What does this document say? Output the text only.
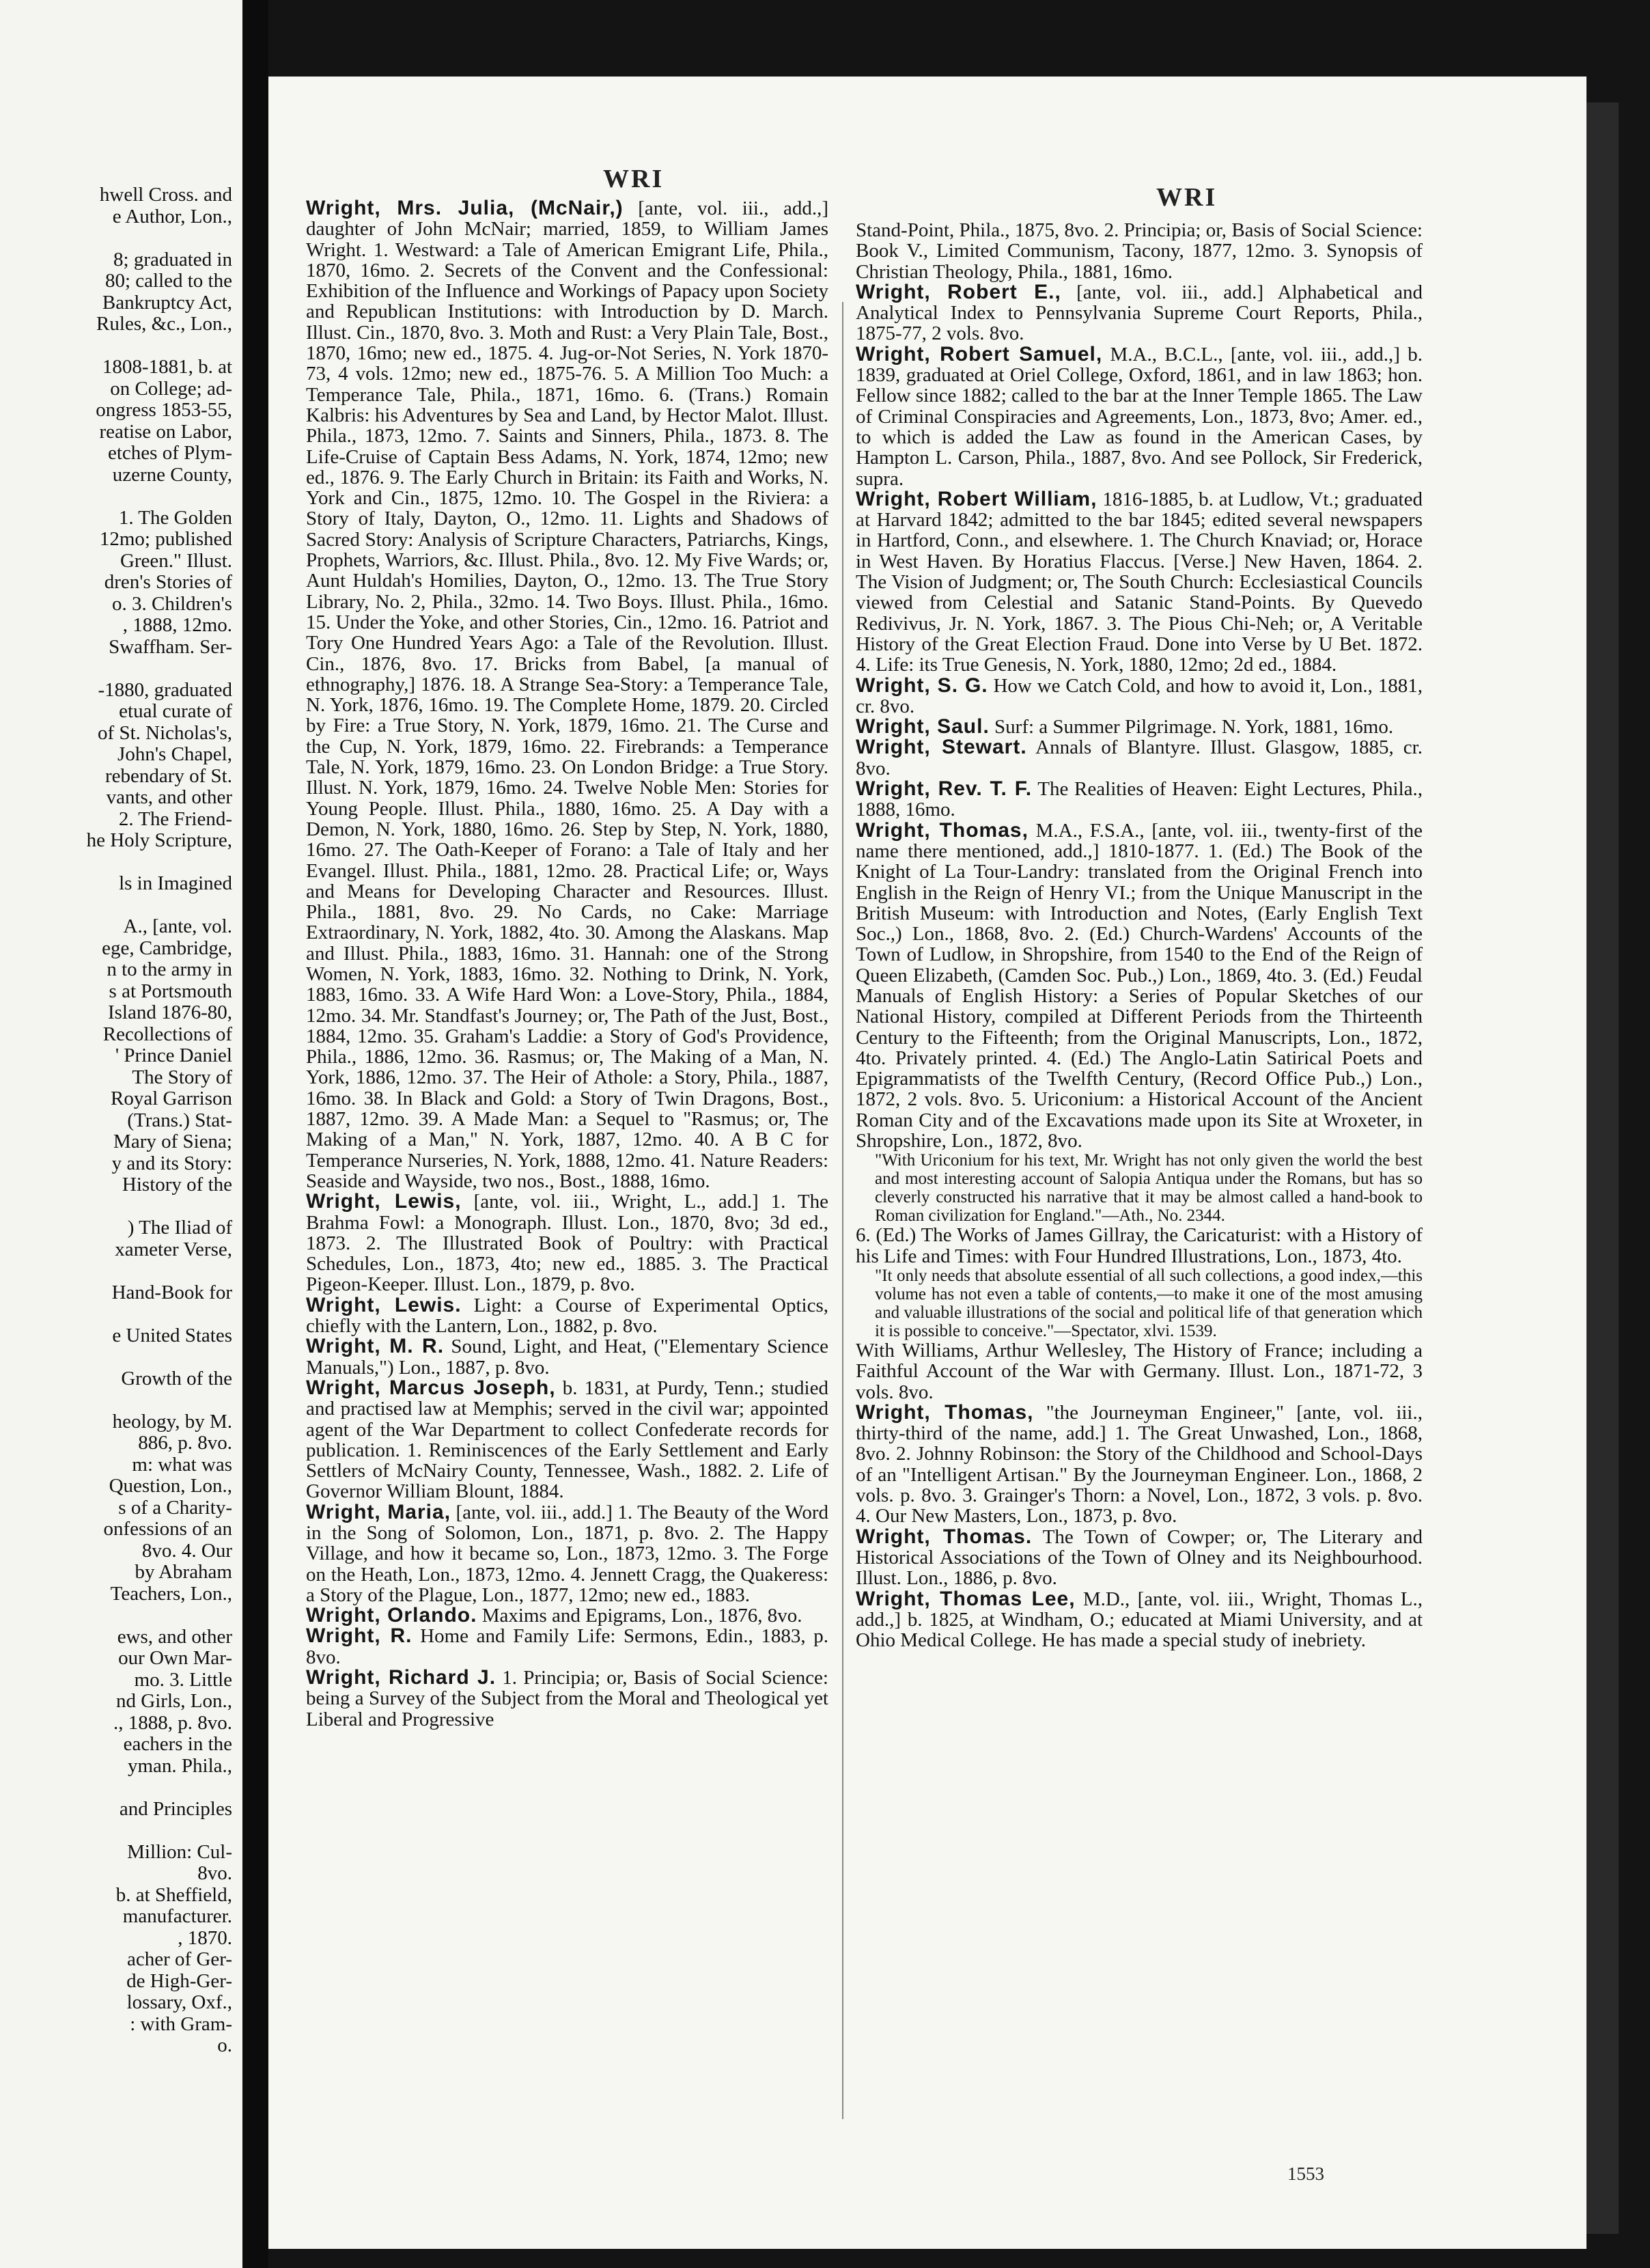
hwell Cross. and
e Author, Lon.,
8; graduated in
80; called to the
Bankruptcy Act,
Rules, &c., Lon.,
1808-1881, b. at
on College; ad-
ongress 1853-55,
reatise on Labor,
etches of Plym-
uzerne County,
1. The Golden
12mo; published
Green." Illust.
dren's Stories of
o. 3. Children's
, 1888, 12mo.
Swaffham. Ser-
-1880, graduated
etual curate of
of St. Nicholas's,
John's Chapel,
rebendary of St.
vants, and other
2. The Friend-
he Holy Scripture,
ls in Imagined
A., [ante, vol.
ege, Cambridge,
n to the army in
s at Portsmouth
Island 1876-80,
Recollections of
' Prince Daniel
The Story of
Royal Garrison
(Trans.) Stat-
Mary of Siena;
y and its Story:
History of the
) The Iliad of
xameter Verse,
Hand-Book for
e United States
Growth of the
heology, by M.
886, p. 8vo.
m: what was
Question, Lon.,
s of a Charity-
onfessions of an
8vo. 4. Our
by Abraham
Teachers, Lon.,
ews, and other
our Own Mar-
mo. 3. Little
nd Girls, Lon.,
., 1888, p. 8vo.
eachers in the
yman. Phila.,
and Principles
Million: Cul-
8vo.
b. at Sheffield,
manufacturer.
, 1870.
acher of Ger-
de High-Ger-
lossary, Oxf.,
: with Gram-
o.
WRI
WRI

Wright, Mrs. Julia, (McNair,) [ante, vol. iii., add.,] daughter of John McNair; married, 1859, to William James Wright. 1. Westward: a Tale of American Emigrant Life, Phila., 1870, 16mo. 2. Secrets of the Convent and the Confessional: Exhibition of the Influence and Workings of Papacy upon Society and Republican Institutions: with Introduction by D. March. Illust. Cin., 1870, 8vo. 3. Moth and Rust: a Very Plain Tale, Bost., 1870, 16mo; new ed., 1875. 4. Jug-or-Not Series, N. York 1870-73, 4 vols. 12mo; new ed., 1875-76. 5. A Million Too Much: a Temperance Tale, Phila., 1871, 16mo. 6. (Trans.) Romain Kalbris: his Adventures by Sea and Land, by Hector Malot. Illust. Phila., 1873, 12mo. 7. Saints and Sinners, Phila., 1873. 8. The Life-Cruise of Captain Bess Adams, N. York, 1874, 12mo; new ed., 1876. 9. The Early Church in Britain: its Faith and Works, N. York and Cin., 1875, 12mo. 10. The Gospel in the Riviera: a Story of Italy, Dayton, O., 12mo. 11. Lights and Shadows of Sacred Story: Analysis of Scripture Characters, Patriarchs, Kings, Prophets, Warriors, &c. Illust. Phila., 8vo. 12. My Five Wards; or, Aunt Huldah's Homilies, Dayton, O., 12mo. 13. The True Story Library, No. 2, Phila., 32mo. 14. Two Boys. Illust. Phila., 16mo. 15. Under the Yoke, and other Stories, Cin., 12mo. 16. Patriot and Tory One Hundred Years Ago: a Tale of the Revolution. Illust. Cin., 1876, 8vo. 17. Bricks from Babel, [a manual of ethnography,] 1876. 18. A Strange Sea-Story: a Temperance Tale, N. York, 1876, 16mo. 19. The Complete Home, 1879. 20. Circled by Fire: a True Story, N. York, 1879, 16mo. 21. The Curse and the Cup, N. York, 1879, 16mo. 22. Firebrands: a Temperance Tale, N. York, 1879, 16mo. 23. On London Bridge: a True Story. Illust. N. York, 1879, 16mo. 24. Twelve Noble Men: Stories for Young People. Illust. Phila., 1880, 16mo. 25. A Day with a Demon, N. York, 1880, 16mo. 26. Step by Step, N. York, 1880, 16mo. 27. The Oath-Keeper of Forano: a Tale of Italy and her Evangel. Illust. Phila., 1881, 12mo. 28. Practical Life; or, Ways and Means for Developing Character and Resources. Illust. Phila., 1881, 8vo. 29. No Cards, no Cake: Marriage Extraordinary, N. York, 1882, 4to. 30. Among the Alaskans. Map and Illust. Phila., 1883, 16mo. 31. Hannah: one of the Strong Women, N. York, 1883, 16mo. 32. Nothing to Drink, N. York, 1883, 16mo. 33. A Wife Hard Won: a Love-Story, Phila., 1884, 12mo. 34. Mr. Standfast's Journey; or, The Path of the Just, Bost., 1884, 12mo. 35. Graham's Laddie: a Story of God's Providence, Phila., 1886, 12mo. 36. Rasmus; or, The Making of a Man, N. York, 1886, 12mo. 37. The Heir of Athole: a Story, Phila., 1887, 16mo. 38. In Black and Gold: a Story of Twin Dragons, Bost., 1887, 12mo. 39. A Made Man: a Sequel to "Rasmus; or, The Making of a Man," N. York, 1887, 12mo. 40. A B C for Temperance Nurseries, N. York, 1888, 12mo. 41. Nature Readers: Seaside and Wayside, two nos., Bost., 1888, 16mo.

Wright, Lewis, [ante, vol. iii., Wright, L., add.] 1. The Brahma Fowl: a Monograph. Illust. Lon., 1870, 8vo; 3d ed., 1873. 2. The Illustrated Book of Poultry: with Practical Schedules, Lon., 1873, 4to; new ed., 1885. 3. The Practical Pigeon-Keeper. Illust. Lon., 1879, p. 8vo.

Wright, Lewis. Light: a Course of Experimental Optics, chiefly with the Lantern, Lon., 1882, p. 8vo.

Wright, M. R. Sound, Light, and Heat, ("Elementary Science Manuals,") Lon., 1887, p. 8vo.

Wright, Marcus Joseph, b. 1831, at Purdy, Tenn.; studied and practised law at Memphis; served in the civil war; appointed agent of the War Department to collect Confederate records for publication. 1. Reminiscences of the Early Settlement and Early Settlers of McNairy County, Tennessee, Wash., 1882. 2. Life of Governor William Blount, 1884.

Wright, Maria, [ante, vol. iii., add.] 1. The Beauty of the Word in the Song of Solomon, Lon., 1871, p. 8vo. 2. The Happy Village, and how it became so, Lon., 1873, 12mo. 3. The Forge on the Heath, Lon., 1873, 12mo. 4. Jennett Cragg, the Quakeress: a Story of the Plague, Lon., 1877, 12mo; new ed., 1883.

Wright, Orlando. Maxims and Epigrams, Lon., 1876, 8vo.

Wright, R. Home and Family Life: Sermons, Edin., 1883, p. 8vo.

Wright, Richard J. 1. Principia; or, Basis of Social Science: being a Survey of the Subject from the Moral and Theological yet Liberal and Progressive

Stand-Point, Phila., 1875, 8vo. 2. Principia; or, Basis of Social Science: Book V., Limited Communism, Tacony, 1877, 12mo. 3. Synopsis of Christian Theology, Phila., 1881, 16mo.

Wright, Robert E., [ante, vol. iii., add.] Alphabetical and Analytical Index to Pennsylvania Supreme Court Reports, Phila., 1875-77, 2 vols. 8vo.

Wright, Robert Samuel, M.A., B.C.L., [ante, vol. iii., add.,] b. 1839, graduated at Oriel College, Oxford, 1861, and in law 1863; hon. Fellow since 1882; called to the bar at the Inner Temple 1865. The Law of Criminal Conspiracies and Agreements, Lon., 1873, 8vo; Amer. ed., to which is added the Law as found in the American Cases, by Hampton L. Carson, Phila., 1887, 8vo. And see Pollock, Sir Frederick, supra.

Wright, Robert William, 1816-1885, b. at Ludlow, Vt.; graduated at Harvard 1842; admitted to the bar 1845; edited several newspapers in Hartford, Conn., and elsewhere. 1. The Church Knaviad; or, Horace in West Haven. By Horatius Flaccus. [Verse.] New Haven, 1864. 2. The Vision of Judgment; or, The South Church: Ecclesiastical Councils viewed from Celestial and Satanic Stand-Points. By Quevedo Redivivus, Jr. N. York, 1867. 3. The Pious Chi-Neh; or, A Veritable History of the Great Election Fraud. Done into Verse by U Bet. 1872. 4. Life: its True Genesis, N. York, 1880, 12mo; 2d ed., 1884.

Wright, S. G. How we Catch Cold, and how to avoid it, Lon., 1881, cr. 8vo.

Wright, Saul. Surf: a Summer Pilgrimage. N. York, 1881, 16mo.

Wright, Stewart. Annals of Blantyre. Illust. Glasgow, 1885, cr. 8vo.

Wright, Rev. T. F. The Realities of Heaven: Eight Lectures, Phila., 1888, 16mo.

Wright, Thomas, M.A., F.S.A., [ante, vol. iii., twenty-first of the name there mentioned, add.,] 1810-1877. 1. (Ed.) The Book of the Knight of La Tour-Landry: translated from the Original French into English in the Reign of Henry VI.; from the Unique Manuscript in the British Museum: with Introduction and Notes, (Early English Text Soc.,) Lon., 1868, 8vo. 2. (Ed.) Church-Wardens' Accounts of the Town of Ludlow, in Shropshire, from 1540 to the End of the Reign of Queen Elizabeth, (Camden Soc. Pub.,) Lon., 1869, 4to. 3. (Ed.) Feudal Manuals of English History: a Series of Popular Sketches of our National History, compiled at Different Periods from the Thirteenth Century to the Fifteenth; from the Original Manuscripts, Lon., 1872, 4to. Privately printed. 4. (Ed.) The Anglo-Latin Satirical Poets and Epigrammatists of the Twelfth Century, (Record Office Pub.,) Lon., 1872, 2 vols. 8vo. 5. Uriconium: a Historical Account of the Ancient Roman City and of the Excavations made upon its Site at Wroxeter, in Shropshire, Lon., 1872, 8vo.

"With Uriconium for his text, Mr. Wright has not only given the world the best and most interesting account of Salopia Antiqua under the Romans, but has so cleverly constructed his narrative that it may be almost called a hand-book to Roman civilization for England."—Ath., No. 2344.

6. (Ed.) The Works of James Gillray, the Caricaturist: with a History of his Life and Times: with Four Hundred Illustrations, Lon., 1873, 4to.

"It only needs that absolute essential of all such collections, a good index,—this volume has not even a table of contents,—to make it one of the most amusing and valuable illustrations of the social and political life of that generation which it is possible to conceive."—Spectator, xlvi. 1539.

With Williams, Arthur Wellesley, The History of France; including a Faithful Account of the War with Germany. Illust. Lon., 1871-72, 3 vols. 8vo.

Wright, Thomas, "the Journeyman Engineer," [ante, vol. iii., thirty-third of the name, add.] 1. The Great Unwashed, Lon., 1868, 8vo. 2. Johnny Robinson: the Story of the Childhood and School-Days of an "Intelligent Artisan." By the Journeyman Engineer. Lon., 1868, 2 vols. p. 8vo. 3. Grainger's Thorn: a Novel, Lon., 1872, 3 vols. p. 8vo. 4. Our New Masters, Lon., 1873, p. 8vo.

Wright, Thomas. The Town of Cowper; or, The Literary and Historical Associations of the Town of Olney and its Neighbourhood. Illust. Lon., 1886, p. 8vo.

Wright, Thomas Lee, M.D., [ante, vol. iii., Wright, Thomas L., add.,] b. 1825, at Windham, O.; educated at Miami University, and at Ohio Medical College. He has made a special study of inebriety.

1553
